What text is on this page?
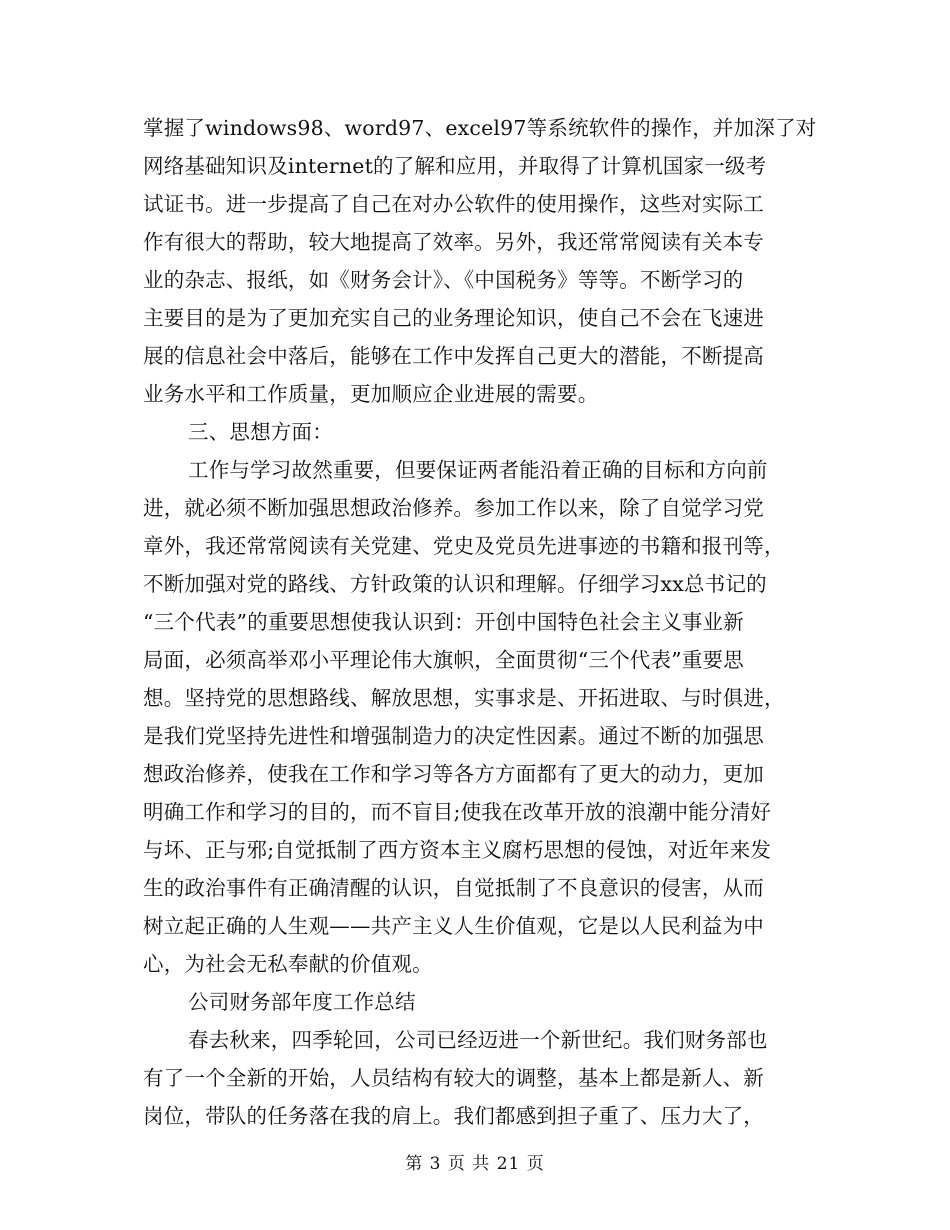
掌握了windows98、word97、excel97等系统软件的操作，并加深了对
网络基础知识及internet的了解和应用，并取得了计算机国家一级考
试证书。进一步提高了自己在对办公软件的使用操作，这些对实际工
作有很大的帮助，较大地提高了效率。另外，我还常常阅读有关本专
业的杂志、报纸，如《财务会计》、《中国税务》等等。不断学习的
主要目的是为了更加充实自己的业务理论知识，使自己不会在飞速进
展的信息社会中落后，能够在工作中发挥自己更大的潜能，不断提高
业务水平和工作质量，更加顺应企业进展的需要。
三、思想方面：
工作与学习故然重要，但要保证两者能沿着正确的目标和方向前
进，就必须不断加强思想政治修养。参加工作以来，除了自觉学习党
章外，我还常常阅读有关党建、党史及党员先进事迹的书籍和报刊等，
不断加强对党的路线、方针政策的认识和理解。仔细学习xx总书记的
“三个代表”的重要思想使我认识到：开创中国特色社会主义事业新
局面，必须高举邓小平理论伟大旗帜，全面贯彻“三个代表”重要思
想。坚持党的思想路线、解放思想，实事求是、开拓进取、与时俱进，
是我们党坚持先进性和增强制造力的决定性因素。通过不断的加强思
想政治修养，使我在工作和学习等各方方面都有了更大的动力，更加
明确工作和学习的目的，而不盲目;使我在改革开放的浪潮中能分清好
与坏、正与邪;自觉抵制了西方资本主义腐朽思想的侵蚀，对近年来发
生的政治事件有正确清醒的认识，自觉抵制了不良意识的侵害，从而
树立起正确的人生观——共产主义人生价值观，它是以人民利益为中
心，为社会无私奉献的价值观。
公司财务部年度工作总结
春去秋来，四季轮回，公司已经迈进一个新世纪。我们财务部也
有了一个全新的开始，人员结构有较大的调整，基本上都是新人、新
岗位，带队的任务落在我的肩上。我们都感到担子重了、压力大了，
第 3 页 共 21 页
